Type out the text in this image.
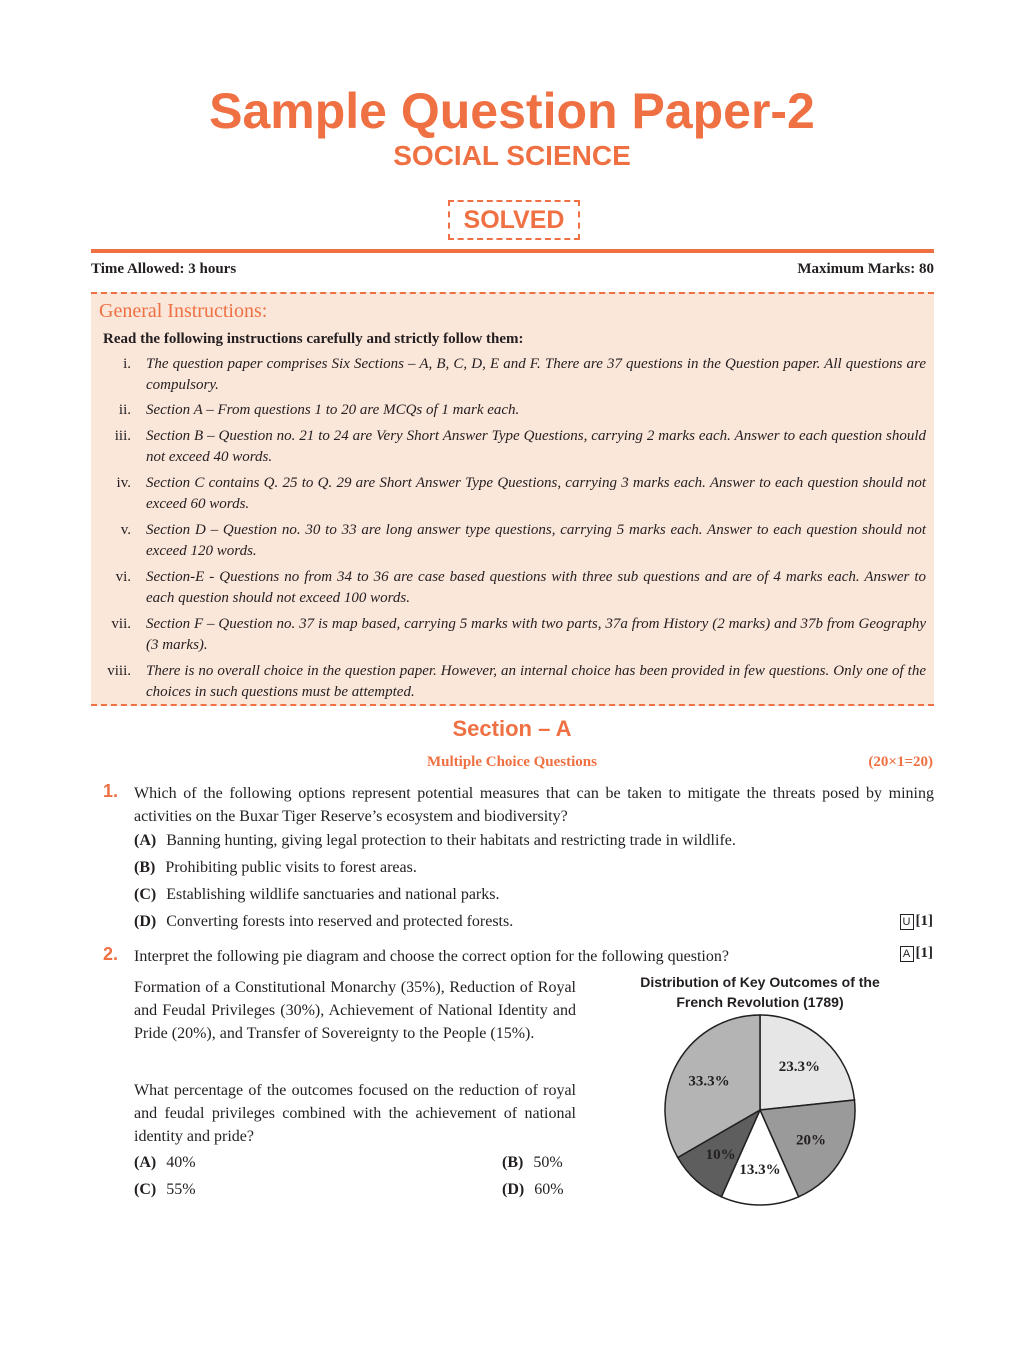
Sample Question Paper-2
SOCIAL SCIENCE
SOLVED
Time Allowed: 3 hours	Maximum Marks: 80
General Instructions:
Read the following instructions carefully and strictly follow them:
i. The question paper comprises Six Sections – A, B, C, D, E and F. There are 37 questions in the Question paper. All questions are compulsory.
ii. Section A – From questions 1 to 20 are MCQs of 1 mark each.
iii. Section B – Question no. 21 to 24 are Very Short Answer Type Questions, carrying 2 marks each. Answer to each question should not exceed 40 words.
iv. Section C contains Q. 25 to Q. 29 are Short Answer Type Questions, carrying 3 marks each. Answer to each question should not exceed 60 words.
v. Section D – Question no. 30 to 33 are long answer type questions, carrying 5 marks each. Answer to each question should not exceed 120 words.
vi. Section-E - Questions no from 34 to 36 are case based questions with three sub questions and are of 4 marks each. Answer to each question should not exceed 100 words.
vii. Section F – Question no. 37 is map based, carrying 5 marks with two parts, 37a from History (2 marks) and 37b from Geography (3 marks).
viii. There is no overall choice in the question paper. However, an internal choice has been provided in few questions. Only one of the choices in such questions must be attempted.
Section – A
Multiple Choice Questions	(20×1=20)
1. Which of the following options represent potential measures that can be taken to mitigate the threats posed by mining activities on the Buxar Tiger Reserve’s ecosystem and biodiversity?
(A) Banning hunting, giving legal protection to their habitats and restricting trade in wildlife.
(B) Prohibiting public visits to forest areas.
(C) Establishing wildlife sanctuaries and national parks.
(D) Converting forests into reserved and protected forests.	U [1]
2. Interpret the following pie diagram and choose the correct option for the following question?	A [1]
Formation of a Constitutional Monarchy (35%), Reduction of Royal and Feudal Privileges (30%), Achievement of National Identity and Pride (20%), and Transfer of Sovereignty to the People (15%).
What percentage of the outcomes focused on the reduction of royal and feudal privileges combined with the achievement of national identity and pride?
(A) 40%	(B) 50%
(C) 55%	(D) 60%
Distribution of Key Outcomes of the
French Revolution (1789)
23.3%
20%
13.3%
10%
33.3%
